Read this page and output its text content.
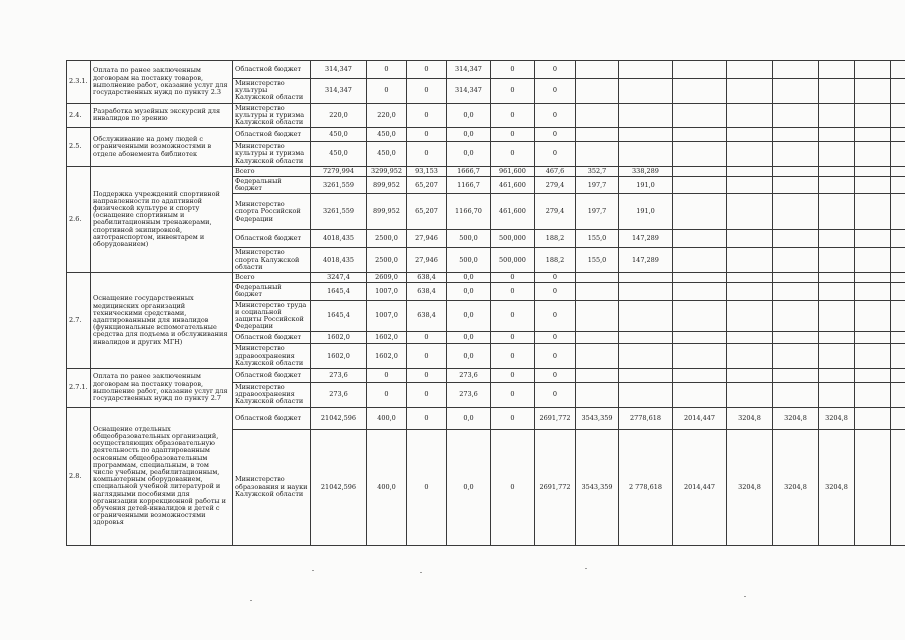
2.3.1.	Оплата по ранее заключенным договорам на поставку товаров, выполнение работ, оказание услуг для государственных нужд по пункту 2.3	Областной бюджет	314,347	0	0	314,347	0	0								
		Министерство культуры Калужской области	314,347	0	0	314,347	0	0								
2.4.	Разработка музейных экскурсий для инвалидов по зрению	Министерство культуры и туризма Калужской области	220,0	220,0	0	0,0	0	0								
2.5.	Обслуживание на дому людей с ограниченными возможностями в отделе абонемента библиотек	Областной бюджет	450,0	450,0	0	0,0	0	0								
		Министерство культуры и туризма Калужской области	450,0	450,0	0	0,0	0	0								
2.6.	Поддержка учреждений спортивной направленности по адаптивной физической культуре и спорту (оснащение спортивным и реабилитационным тренажерами, спортивной экипировкой, автотранспортом, инвентарем и оборудованием)	Всего	7279,994	3299,952	93,153	1666,7	961,600	467,6	352,7	338,289						
		Федеральный бюджет	3261,559	899,952	65,207	1166,7	461,600	279,4	197,7	191,0						
		Министерство спорта Российской Федерации	3261,559	899,952	65,207	1166,70	461,600	279,4	197,7	191,0						
		Областной бюджет	4018,435	2500,0	27,946	500,0	500,000	188,2	155,0	147,289						
		Министерство спорта Калужской области	4018,435	2500,0	27,946	500,0	500,000	188,2	155,0	147,289						
2.7.	Оснащение государственных медицинских организаций техническими средствами, адаптированными для инвалидов (функциональные вспомогательные средства для подъема и обслуживания инвалидов и других МГН)	Всего	3247,4	2609,0	638,4	0,0	0	0								
		Федеральный бюджет	1645,4	1007,0	638,4	0,0	0	0								
		Министерство труда и социальной защиты Российской Федерации	1645,4	1007,0	638,4	0,0	0	0								
		Областной бюджет	1602,0	1602,0	0	0,0	0	0								
		Министерство здравоохранения Калужской области	1602,0	1602,0	0	0,0	0	0								
2.7.1.	Оплата по ранее заключенным договорам на поставку товаров, выполнение работ, оказание услуг для государственных нужд по пункту 2.7	Областной бюджет	273,6	0	0	273,6	0	0								
		Министерство здравоохранения Калужской области	273,6	0	0	273,6	0	0								
2.8.	Оснащение отдельных общеобразовательных организаций, осуществляющих образовательную деятельность по адаптированным основным общеобразовательным программам, специальным, в том числе учебным, реабилитационным, компьютерным оборудованием, специальной учебной литературой и наглядными пособиями для организации коррекционной работы и обучения детей-инвалидов и детей с ограниченными возможностями здоровья	Областной бюджет	21042,596	400,0	0	0,0	0	2691,772	3543,359	2778,618	2014,447	3204,8	3204,8	3204,8		
		Министерство образования и науки Калужской области	21042,596	400,0	0	0,0	0	2691,772	3543,359	2 778,618	2014,447	3204,8	3204,8	3204,8		
